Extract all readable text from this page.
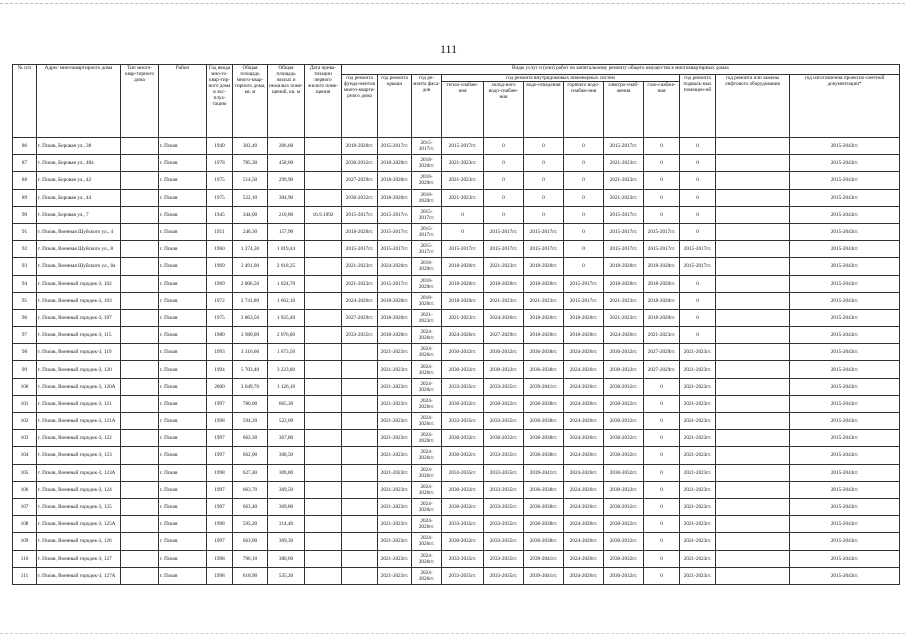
111
№ п/п	Адрес многоквартирного дома	Тип много-квар-тирного дома	Район	Год ввода мно-го-квар-тир-ного дома в экс-плуа-тацию	Общая площадь много-квар-тирного дома, кв. м	Общая площадь жилых и нежилых поме-щений, кв. м	Дата прива-тизации первого жилого поме-щения	Виды услуг и (или) работ по капитальному ремонту общего имущества в многоквартирных домах											
								год ремонта фунда-ментов много-кварти-рного дома	год ремонта крыши	год ре-монта фаса-дов	год ремонта внутридомовых инженерных систем						год ремонта подваль-ных помещен-ий	год ремонта или замены лифтового оборудования	год изготовления проектно-сметной документации*
											тепло-снабже-ния	холод-ного водо-снабже-ния	водо-отведения	горячего водо-снабже-ния	электро-снаб-жения	газо-снабже-ния			
86	г. Псков, Боровая ул., 38		г. Псков	1949	302,40	206,60		2018-2020гг.	2015-2017гг.	2015-2017гг.	2015-2017гг.	0	0	0	2015-2017гг.	0	0		2015-2043гг.
87	г. Псков, Боровая ул., 40а		г. Псков	1978	785,30	458,00		2030-2032гг.	2018-2020гг.	2018-2020гг.	2021-2023гг.	0	0	0	2021-2023гг.	0	0		2015-2043гг.
88	г. Псков, Боровая ул., 42		г. Псков	1975	514,50	299,90		2027-2029гг.	2018-2020гг.	2018-2020гг.	2021-2023гг.	0	0	0	2021-2023гг.	0	0		2015-2043гг.
89	г. Псков, Боровая ул., 44		г. Псков	1975	522,10	304,90		2030-2032гг.	2018-2020гг.	2018-2020гг.	2021-2023гг.	0	0	0	2021-2023гг.	0	0		2015-2043гг.
90	г. Псков, Боровая ул., 7		г. Псков	1945	344,00	210,80	16.9.1992	2015-2017гг.	2015-2017гг.	2015-2017гг.	0	0	0	0	2015-2017гг.	0	0		2015-2043гг.
91	г. Псков, Военная Шуйского ул., 4		г. Псков	1951	246,30	157,90		2018-2020гг.	2015-2017гг.	2015-2017гг.	0	2015-2017гг.	2015-2017гг.	0	2015-2017гг.	2015-2017гг.	0		2015-2043гг.
92	г. Псков, Военная Шуйского ул., 8		г. Псков	1960	1 274,30	1 019,44		2015-2017гг.	2015-2017гг.	2015-2017гг.	2015-2017гг.	2015-2017гг.	2015-2017гг.	0	2015-2017гг.	2015-2017гг.	2015-2017гг.		2015-2043гг.
93	г. Псков, Военная Шуйского ул., 8а		г. Псков	1969	3 491,00	2 618,25		2021-2023гг.	2024-2026гг.	2018-2020гг.	2018-2020гг.	2021-2023гг.	2018-2020гг.	0	2018-2020гг.	2018-2020гг.	2015-2017гг.		2015-2043гг.
94	г. Псков, Военный городок-3, 102		г. Псков	1969	2 806,50	1 624,70		2021-2023гг.	2015-2017гг.	2018-2020гг.	2018-2020гг.	2018-2020гг.	2018-2020гг.	2015-2017гг.	2018-2020гг.	2018-2020гг.	0		2015-2043гг.
95	г. Псков, Военный городок-3, 103		г. Псков	1972	2 741,80	1 662,10		2024-2026гг.	2018-2020гг.	2018-2020гг.	2018-2020гг.	2021-2023гг.	2021-2023гг.	2015-2017гг.	2021-2023гг.	2018-2020гг.	0		2015-2043гг.
96	г. Псков, Военный городок-3, 107		г. Псков	1975	3 863,50	1 925,40		2027-2029гг.	2018-2020гг.	2021-2023гг.	2021-2023гг.	2024-2026гг.	2018-2020гг.	2018-2020гг.	2021-2023гг.	2018-2020гг.	0		2015-2043гг.
97	г. Псков, Военный городок-3, 115		г. Псков	1980	3 980,00	2 076,80		2033-2035гг.	2018-2020гг.	2024-2026гг.	2024-2026гг.	2027-2029гг.	2018-2020гг.	2018-2020гг.	2024-2026гг.	2021-2023гг.	0		2015-2043гг.
98	г. Псков, Военный городок-3, 119		г. Псков	1993	3 316,60	1 673,50			2021-2023гг.	2024-2026гг.	2030-2032гг.	2030-2032гг.	2036-2038гг.	2024-2026гг.	2030-2032гг.	2027-2029гг.	2021-2023гг.		2015-2043гг.
99	г. Псков, Военный городок-3, 120		г. Псков	1994	5 703,40	3 223,80			2021-2023гг.	2024-2026гг.	2030-2032гг.	2030-2032гг.	2036-2038гг.	2024-2026гг.	2030-2032гг.	2027-2029гг.	2021-2023гг.		2015-2043гг.
100	г. Псков, Военный городок-3, 120А		г. Псков	2000	3 049,70	1 126,10			2021-2023гг.	2024-2026гг.	2033-2035гг.	2033-2035гг.	2039-2041гг.	2024-2026гг.	2030-2032гг.	0	2021-2023гг.		2015-2043гг.
101	г. Псков, Военный городок-3, 121		г. Псков	1997	780,00	665,30			2021-2023гг.	2024-2026гг.	2030-2032гг.	2030-2032гг.	2036-2038гг.	2024-2026гг.	2030-2032гг.	0	2021-2023гг.		2015-2043гг.
102	г. Псков, Военный городок-3, 121А		г. Псков	1998	594,20	522,00			2021-2023гг.	2024-2026гг.	2033-2035гг.	2033-2035гг.	2036-2038гг.	2024-2026гг.	2030-2032гг.	0	2021-2023гг.		2015-2043гг.
103	г. Псков, Военный городок-3, 122		г. Псков	1997	662,30	367,80			2021-2023гг.	2024-2026гг.	2030-2032гг.	2030-2032гг.	2036-2038гг.	2024-2026гг.	2030-2032гг.	0	2021-2023гг.		2015-2043гг.
104	г. Псков, Военный городок-3, 123		г. Псков	1997	662,00	368,50			2021-2023гг.	2024-2026гг.	2030-2032гг.	2033-2035гг.	2036-2038гг.	2024-2026гг.	2030-2032гг.	0	2021-2023гг.		2015-2043гг.
105	г. Псков, Военный городок-3, 123А		г. Псков	1998	627,40	309,80			2021-2023гг.	2024-2026гг.	2033-2035гг.	2033-2035гг.	2039-2041гг.	2024-2026гг.	2030-2032гг.	0	2021-2023гг.		2015-2043гг.
106	г. Псков, Военный городок-3, 124		г. Псков	1997	663,70	369,50			2021-2023гг.	2024-2026гг.	2030-2032гг.	2033-2035гг.	2036-2038гг.	2024-2026гг.	2030-2032гг.	0	2021-2023гг.		2015-2043гг.
107	г. Псков, Военный городок-3, 125		г. Псков	1997	663,40	369,80			2021-2023гг.	2024-2026гг.	2030-2032гг.	2033-2035гг.	2036-2038гг.	2024-2026гг.	2030-2032гг.	0	2021-2023гг.		2015-2043гг.
108	г. Псков, Военный городок-3, 125А		г. Псков	1998	595,20	314,40			2021-2023гг.	2024-2026гг.	2033-2035гг.	2033-2035гг.	2036-2038гг.	2024-2026гг.	2030-2032гг.	0	2021-2023гг.		2015-2043гг.
109	г. Псков, Военный городок-3, 126		г. Псков	1997	663,90	369,30			2021-2023гг.	2024-2026гг.	2030-2032гг.	2033-2035гг.	2036-2038гг.	2024-2026гг.	2030-2032гг.	0	2021-2023гг.		2015-2043гг.
110	г. Псков, Военный городок-3, 127		г. Псков	1998	796,10	380,60			2021-2023гг.	2024-2026гг.	2033-2035гг.	2033-2035гг.	2039-2041гг.	2024-2026гг.	2030-2032гг.	0	2021-2023гг.		2015-2043гг.
111	г. Псков, Военный городок-3, 127А		г. Псков	1998	618,90	535,20			2021-2023гг.	2024-2026гг.	2033-2035гг.	2033-2035гг.	2039-2041гг.	2024-2026гг.	2030-2032гг.	0	2021-2023гг.		2015-2043гг.
